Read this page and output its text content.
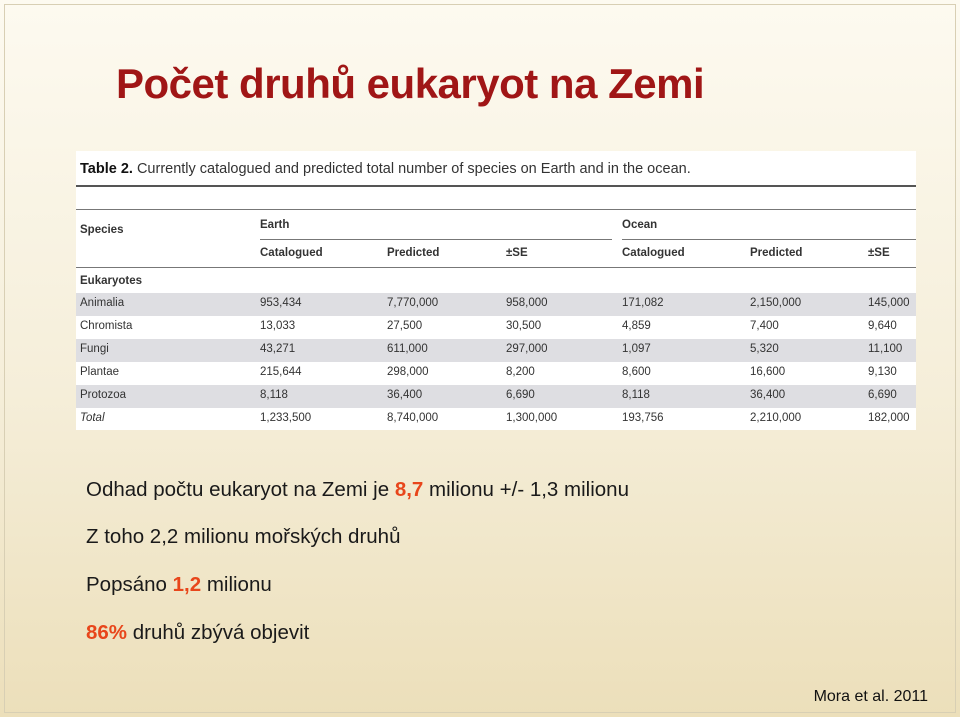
Počet druhů eukaryot na Zemi
Table 2. Currently catalogued and predicted total number of species on Earth and in the ocean.
Species	Earth	Ocean
Catalogued	Predicted	±SE	Catalogued	Predicted	±SE
Eukaryotes
Animalia	953,434	7,770,000	958,000	171,082	2,150,000	145,000
Chromista	13,033	27,500	30,500	4,859	7,400	9,640
Fungi	43,271	611,000	297,000	1,097	5,320	11,100
Plantae	215,644	298,000	8,200	8,600	16,600	9,130
Protozoa	8,118	36,400	6,690	8,118	36,400	6,690
Total	1,233,500	8,740,000	1,300,000	193,756	2,210,000	182,000
Odhad počtu eukaryot na Zemi je 8,7 milionu +/- 1,3 milionu
Z toho 2,2 milionu mořských druhů
Popsáno 1,2 milionu
86% druhů zbývá objevit
Mora et al. 2011
